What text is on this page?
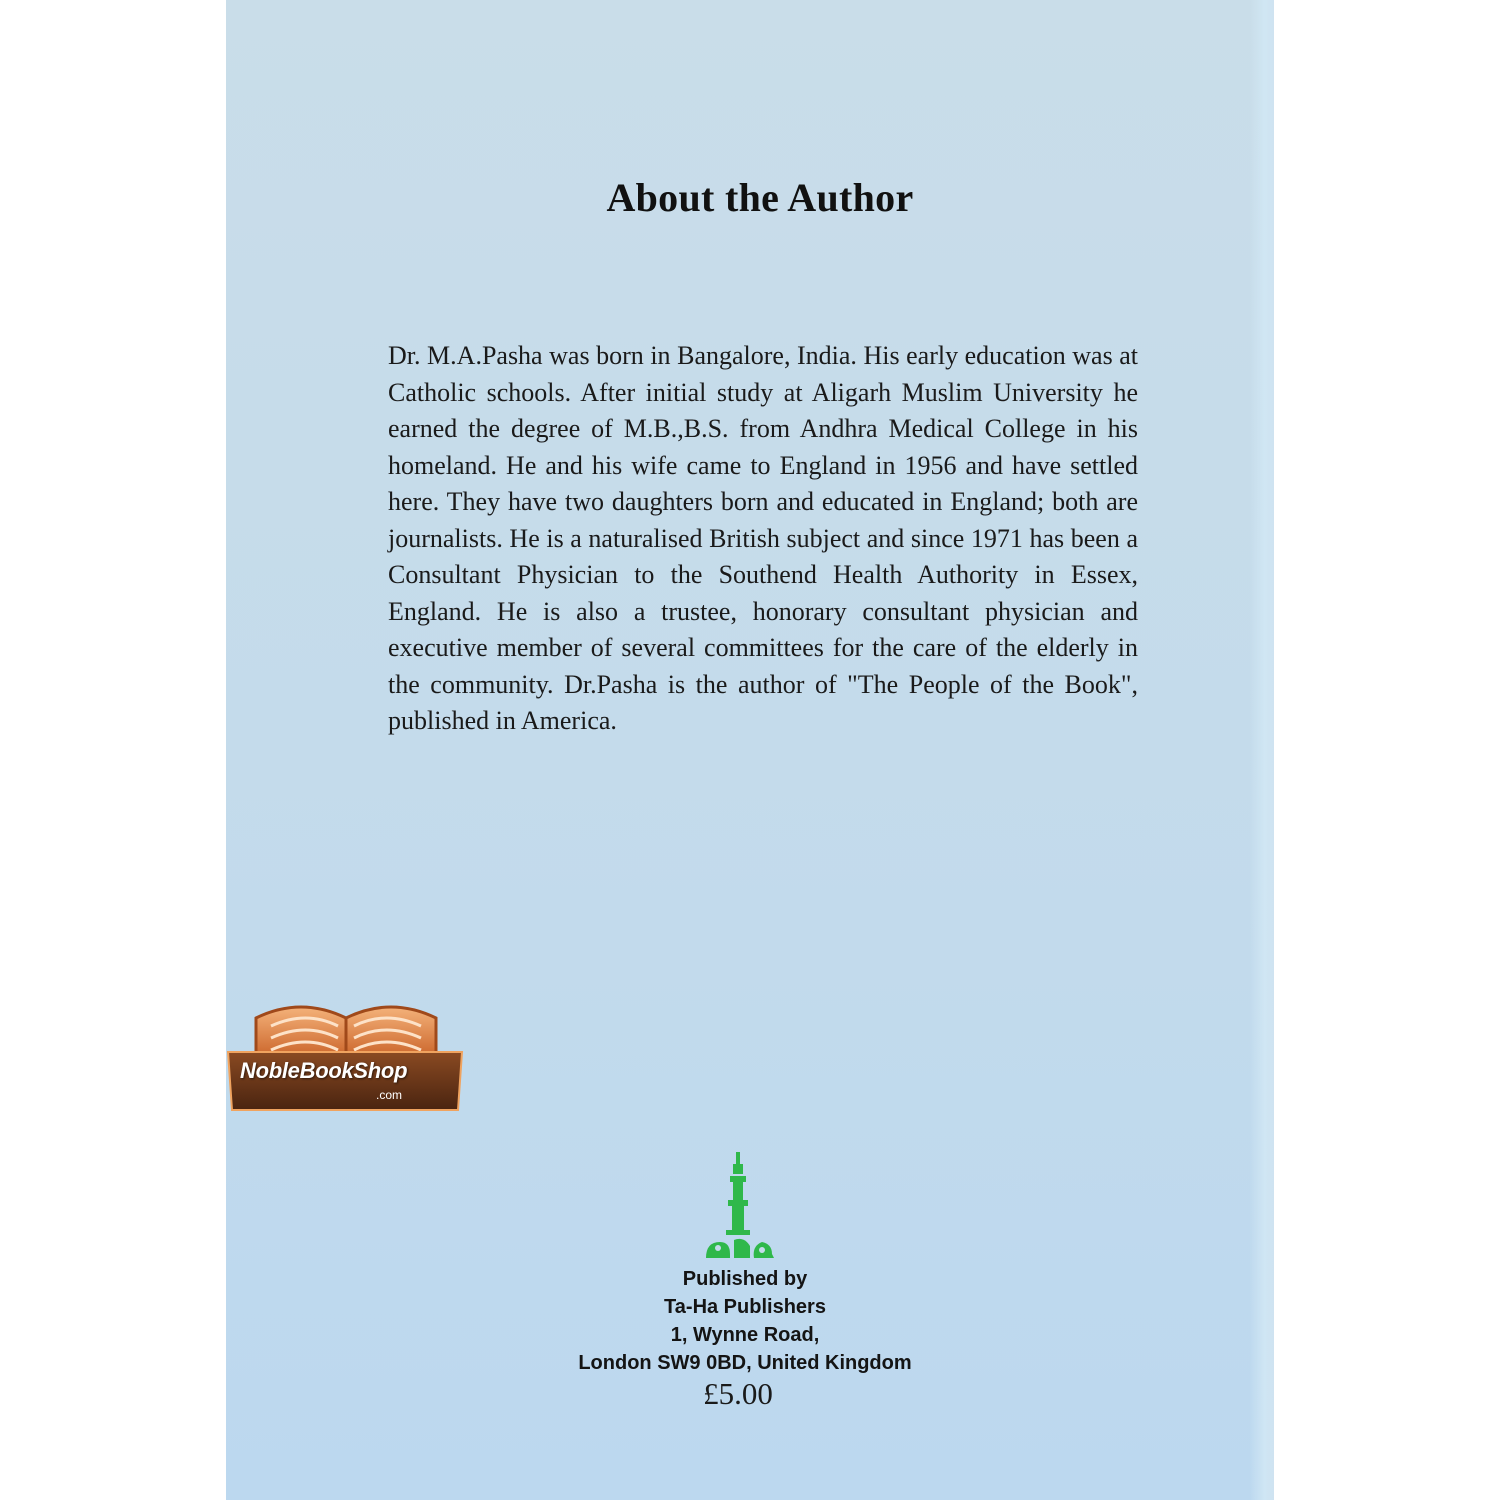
About the Author
Dr. M.A.Pasha was born in Bangalore, India. His early education was at Catholic schools. After initial study at Aligarh Muslim University he earned the degree of M.B.,B.S. from Andhra Medical College in his homeland. He and his wife came to England in 1956 and have settled here. They have two daughters born and educated in England; both are journalists. He is a naturalised British subject and since 1971 has been a Consultant Physician to the Southend Health Authority in Essex, England. He is also a trustee, honorary consultant physician and executive member of several committees for the care of the elderly in the community. Dr.Pasha is the author of "The People of the Book", published in America.
NobleBookShop
.com
Published by
Ta-Ha Publishers
1, Wynne Road,
London SW9 0BD, United Kingdom
£5.00
